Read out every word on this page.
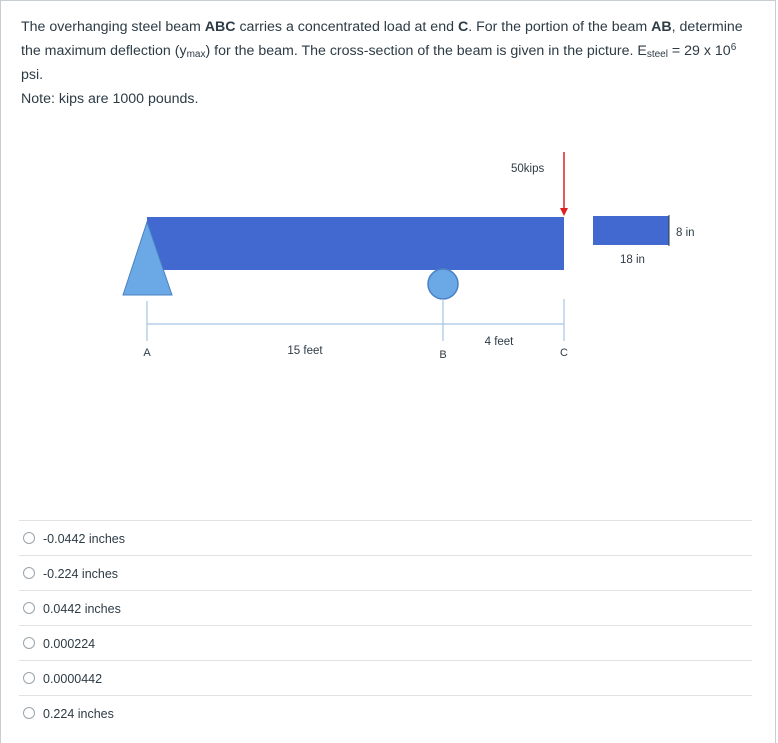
The overhanging steel beam ABC carries a concentrated load at end C. For the portion of the beam AB, determine the maximum deflection $(y_{max})$ for the beam. The cross-section of the beam is given in the picture. $E_{steel} = 29$ x $10^6$ psi.
Note: kips are 1000 pounds.
50kips
8 in
18 in
A	B	C
15 feet
4 feet
-0.0442 inches
-0.224 inches
0.0442 inches
0.000224
0.0000442
0.224 inches
